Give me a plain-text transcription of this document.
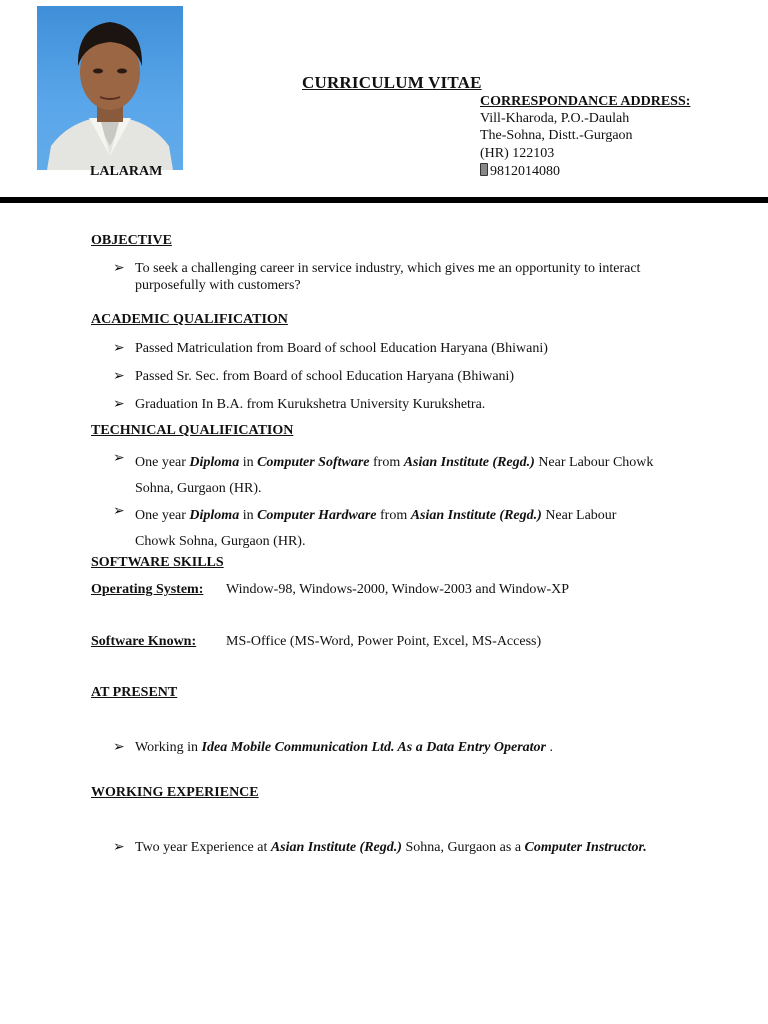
CURRICULUM VITAE
CORRESPONDANCE ADDRESS:
Vill-Kharoda, P.O.-Daulah
The-Sohna, Distt.-Gurgaon
(HR) 122103
9812014080
LALARAM
OBJECTIVE
➢ To seek a challenging career in service industry, which gives me an opportunity to interact
purposefully with customers?
ACADEMIC QUALIFICATION
➢ Passed Matriculation from Board of school Education Haryana (Bhiwani)
➢ Passed Sr. Sec. from Board of school Education Haryana (Bhiwani)
➢ Graduation In B.A. from Kurukshetra University Kurukshetra.
TECHNICAL QUALIFICATION
➢ One year Diploma in Computer Software from Asian Institute (Regd.) Near Labour Chowk
Sohna, Gurgaon (HR).
➢ One year Diploma in Computer Hardware from Asian Institute (Regd.) Near Labour
Chowk Sohna, Gurgaon (HR).
SOFTWARE SKILLS
Operating System: Window-98, Windows-2000, Window-2003 and Window-XP
Software Known: MS-Office (MS-Word, Power Point, Excel, MS-Access)
AT PRESENT
➢ Working in Idea Mobile Communication Ltd. As a Data Entry Operator .
WORKING EXPERIENCE
➢ Two year Experience at Asian Institute (Regd.) Sohna, Gurgaon as a Computer Instructor.
